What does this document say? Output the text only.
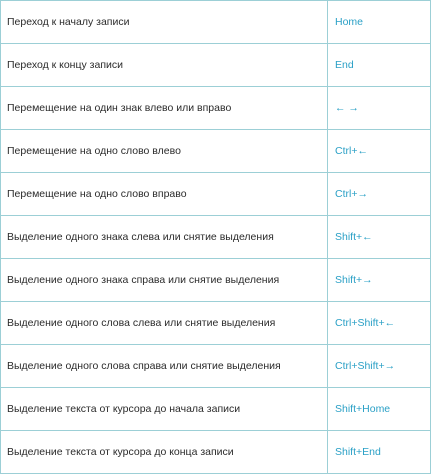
Переход к началу записи	Home
Переход к концу записи	End
Перемещение на один знак влево или вправо	← →
Перемещение на одно слово влево	Ctrl+←
Перемещение на одно слово вправо	Ctrl+→
Выделение одного знака слева или снятие выделения	Shift+←
Выделение одного знака справа или снятие выделения	Shift+→
Выделение одного слова слева или снятие выделения	Ctrl+Shift+←
Выделение одного слова справа или снятие выделения	Ctrl+Shift+→
Выделение текста от курсора до начала записи	Shift+Home
Выделение текста от курсора до конца записи	Shift+End
